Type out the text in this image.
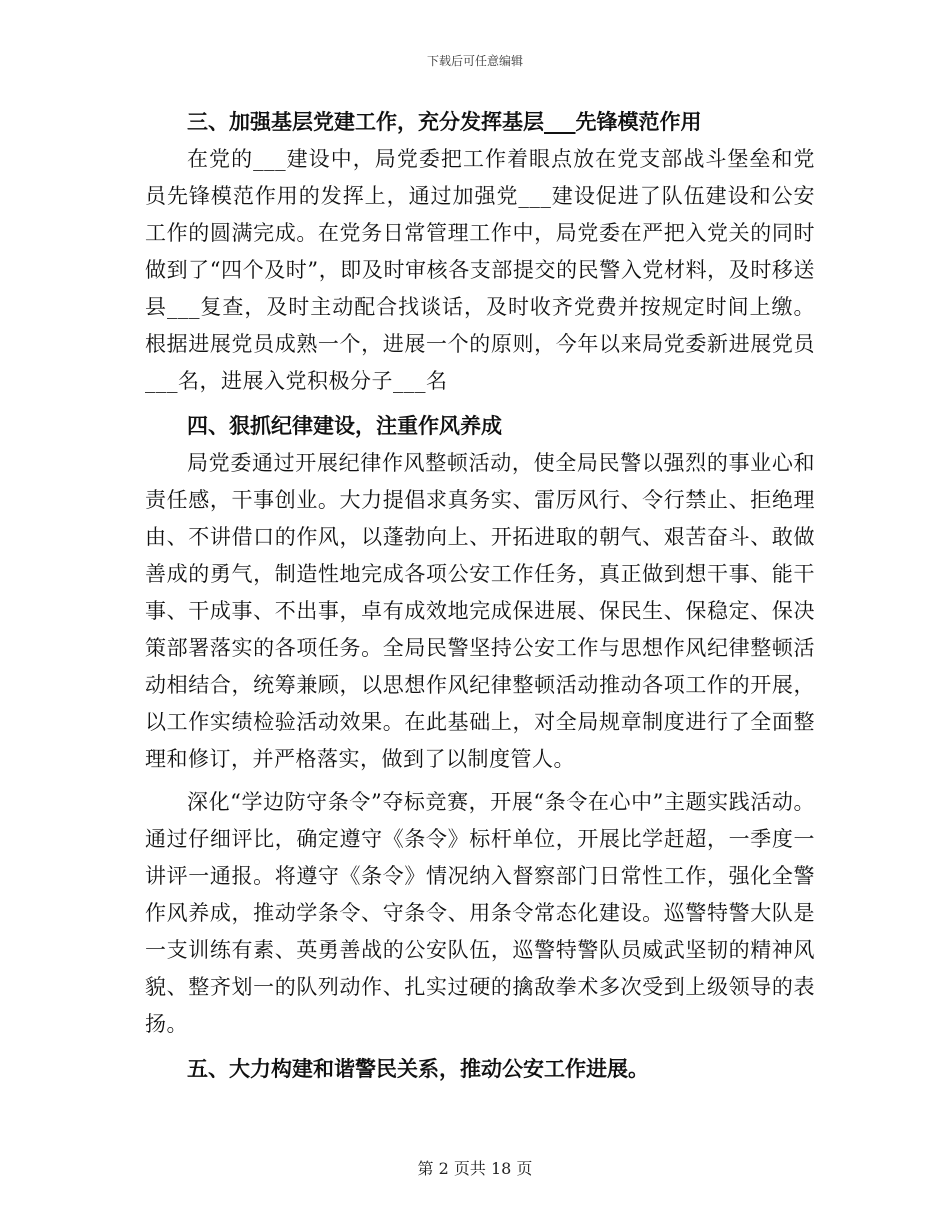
下载后可任意编辑

三、加强基层党建工作，充分发挥基层___先锋模范作用

在党的___建设中，局党委把工作着眼点放在党支部战斗堡垒和党员先锋模范作用的发挥上，通过加强党___建设促进了队伍建设和公安工作的圆满完成。在党务日常管理工作中，局党委在严把入党关的同时做到了“四个及时”，即及时审核各支部提交的民警入党材料，及时移送县___复查，及时主动配合找谈话，及时收齐党费并按规定时间上缴。根据进展党员成熟一个，进展一个的原则，今年以来局党委新进展党员___名，进展入党积极分子___名

四、狠抓纪律建设，注重作风养成

局党委通过开展纪律作风整顿活动，使全局民警以强烈的事业心和责任感，干事创业。大力提倡求真务实、雷厉风行、令行禁止、拒绝理由、不讲借口的作风，以蓬勃向上、开拓进取的朝气、艰苦奋斗、敢做善成的勇气，制造性地完成各项公安工作任务，真正做到想干事、能干事、干成事、不出事，卓有成效地完成保进展、保民生、保稳定、保决策部署落实的各项任务。全局民警坚持公安工作与思想作风纪律整顿活动相结合，统筹兼顾，以思想作风纪律整顿活动推动各项工作的开展，以工作实绩检验活动效果。在此基础上，对全局规章制度进行了全面整理和修订，并严格落实，做到了以制度管人。

深化“学边防守条令”夺标竞赛，开展“条令在心中”主题实践活动。通过仔细评比，确定遵守《条令》标杆单位，开展比学赶超，一季度一讲评一通报。将遵守《条令》情况纳入督察部门日常性工作，强化全警作风养成，推动学条令、守条令、用条令常态化建设。巡警特警大队是一支训练有素、英勇善战的公安队伍，巡警特警队员威武坚韧的精神风貌、整齐划一的队列动作、扎实过硬的擒敌拳术多次受到上级领导的表扬。

五、大力构建和谐警民关系，推动公安工作进展。

第 2 页共 18 页
